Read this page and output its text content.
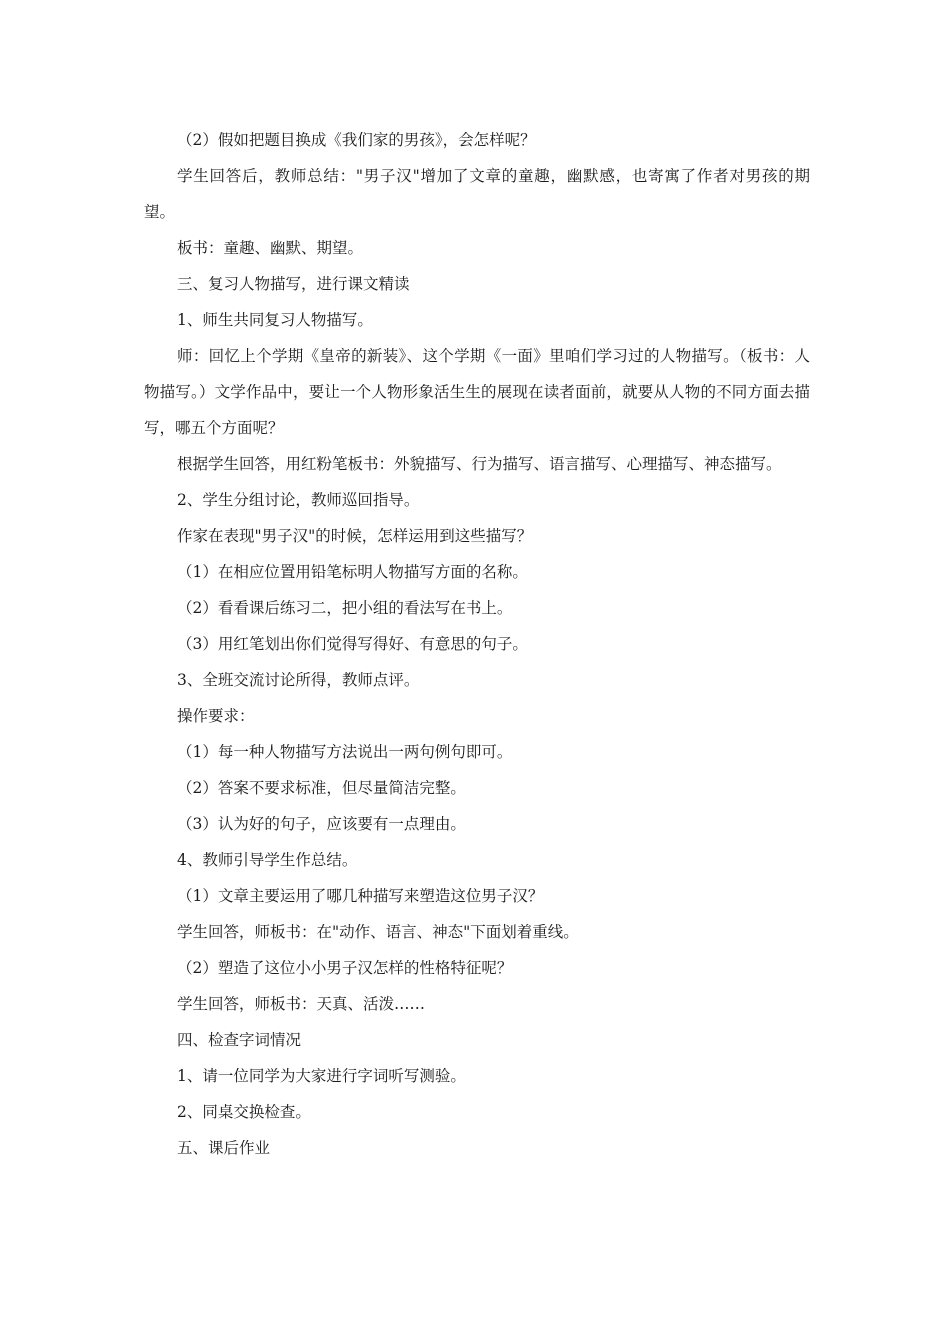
（2）假如把题目换成《我们家的男孩》，会怎样呢？

学生回答后，教师总结："男子汉"增加了文章的童趣，幽默感，也寄寓了作者对男孩的期望。

板书：童趣、幽默、期望。

三、复习人物描写，进行课文精读

1、师生共同复习人物描写。

师：回忆上个学期《皇帝的新装》、这个学期《一面》里咱们学习过的人物描写。（板书：人物描写。）文学作品中，要让一个人物形象活生生的展现在读者面前，就要从人物的不同方面去描写，哪五个方面呢？

根据学生回答，用红粉笔板书：外貌描写、行为描写、语言描写、心理描写、神态描写。

2、学生分组讨论，教师巡回指导。

作家在表现"男子汉"的时候，怎样运用到这些描写？

（1）在相应位置用铅笔标明人物描写方面的名称。

（2）看看课后练习二，把小组的看法写在书上。

（3）用红笔划出你们觉得写得好、有意思的句子。

3、全班交流讨论所得，教师点评。

操作要求：

（1）每一种人物描写方法说出一两句例句即可。

（2）答案不要求标准，但尽量简洁完整。

（3）认为好的句子，应该要有一点理由。

4、教师引导学生作总结。

（1）文章主要运用了哪几种描写来塑造这位男子汉？

学生回答，师板书：在"动作、语言、神态"下面划着重线。

（2）塑造了这位小小男子汉怎样的性格特征呢？

学生回答，师板书：天真、活泼……

四、检查字词情况

1、请一位同学为大家进行字词听写测验。

2、同桌交换检查。

五、课后作业
